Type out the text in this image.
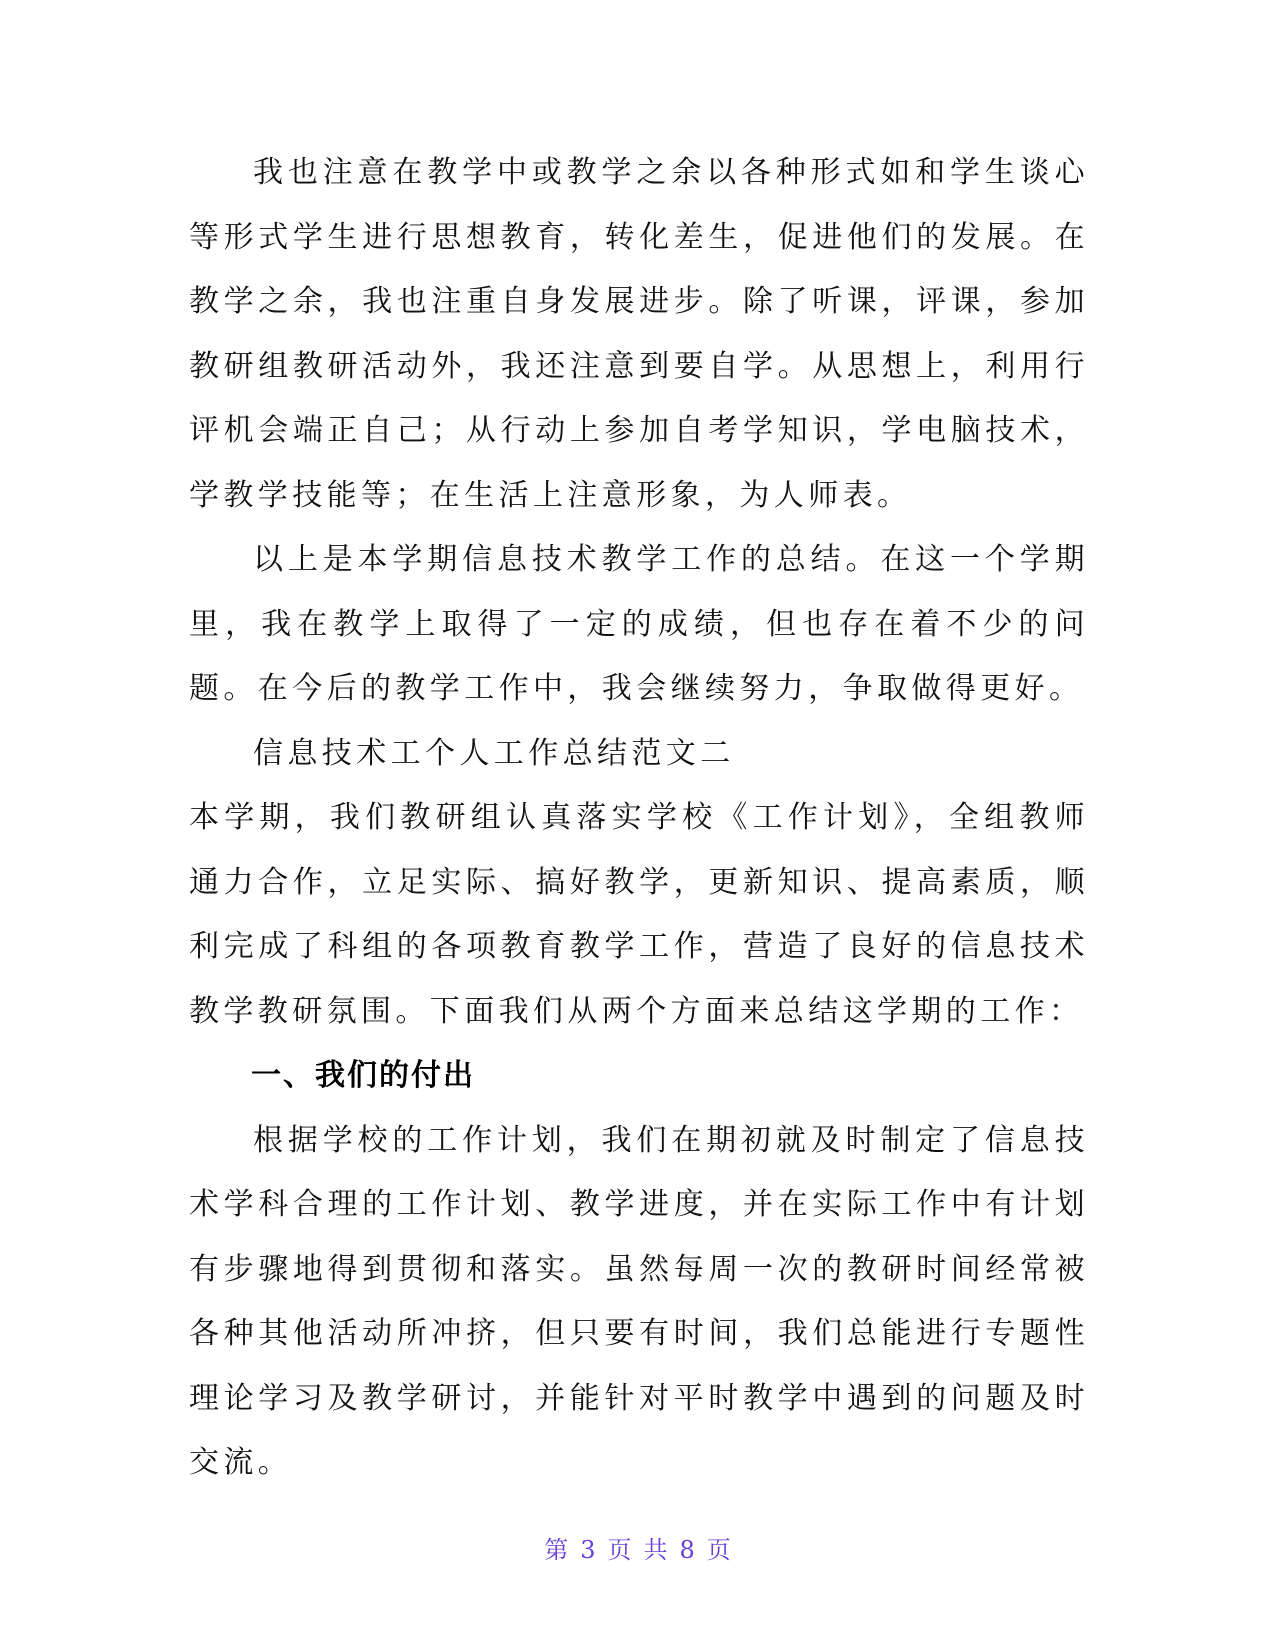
我也注意在教学中或教学之余以各种形式如和学生谈心等形式学生进行思想教育，转化差生，促进他们的发展。在教学之余，我也注重自身发展进步。除了听课，评课，参加教研组教研活动外，我还注意到要自学。从思想上，利用行评机会端正自己；从行动上参加自考学知识，学电脑技术，学教学技能等；在生活上注意形象，为人师表。

以上是本学期信息技术教学工作的总结。在这一个学期里，我在教学上取得了一定的成绩，但也存在着不少的问题。在今后的教学工作中，我会继续努力，争取做得更好。

信息技术工个人工作总结范文二

本学期，我们教研组认真落实学校《工作计划》，全组教师通力合作，立足实际、搞好教学，更新知识、提高素质，顺利完成了科组的各项教育教学工作，营造了良好的信息技术教学教研氛围。下面我们从两个方面来总结这学期的工作：

一、我们的付出

根据学校的工作计划，我们在期初就及时制定了信息技术学科合理的工作计划、教学进度，并在实际工作中有计划有步骤地得到贯彻和落实。虽然每周一次的教研时间经常被各种其他活动所冲挤，但只要有时间，我们总能进行专题性理论学习及教学研讨，并能针对平时教学中遇到的问题及时交流。

第 3 页 共 8 页
